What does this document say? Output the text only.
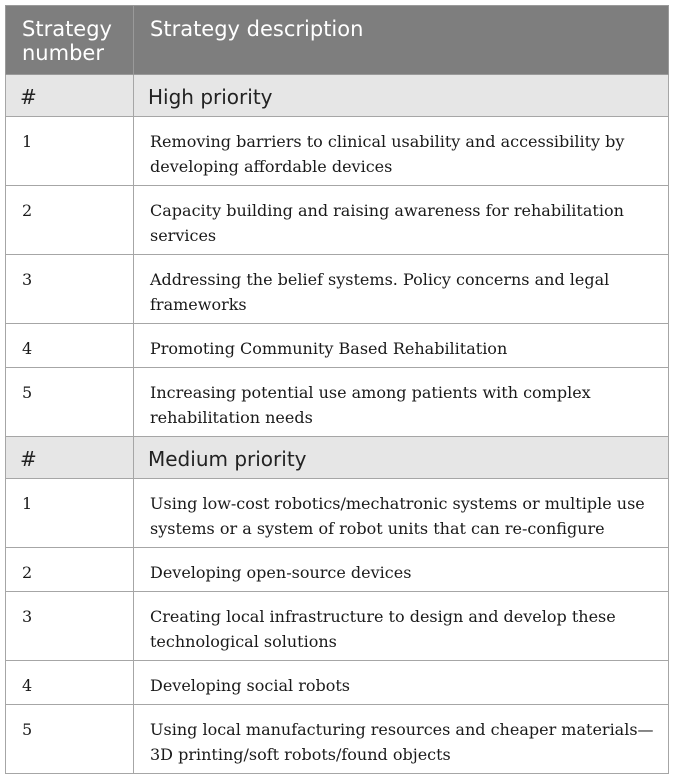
Strategy number	Strategy description
#	High priority
1	Removing barriers to clinical usability and accessibility by developing affordable devices
2	Capacity building and raising awareness for rehabilitation services
3	Addressing the belief systems. Policy concerns and legal frameworks
4	Promoting Community Based Rehabilitation
5	Increasing potential use among patients with complex rehabilitation needs
#	Medium priority
1	Using low-cost robotics/mechatronic systems or multiple use systems or a system of robot units that can re-configure
2	Developing open-source devices
3	Creating local infrastructure to design and develop these technological solutions
4	Developing social robots
5	Using local manufacturing resources and cheaper materials—3D printing/soft robots/found objects
